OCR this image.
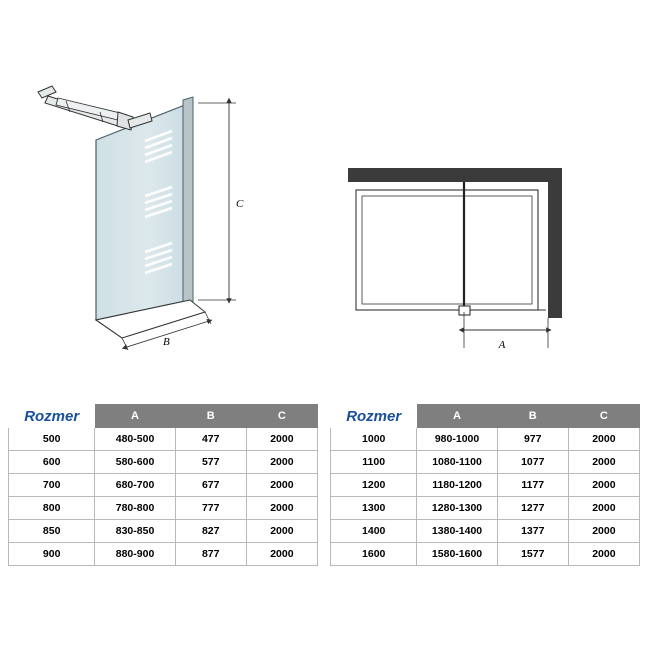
C
B	A
Rozmer	A	B	C
500	480-500	477	2000
600	580-600	577	2000
700	680-700	677	2000
800	780-800	777	2000
850	830-850	827	2000
900	880-900	877	2000
Rozmer	A	B	C
1000	980-1000	977	2000
1100	1080-1100	1077	2000
1200	1180-1200	1177	2000
1300	1280-1300	1277	2000
1400	1380-1400	1377	2000
1600	1580-1600	1577	2000
